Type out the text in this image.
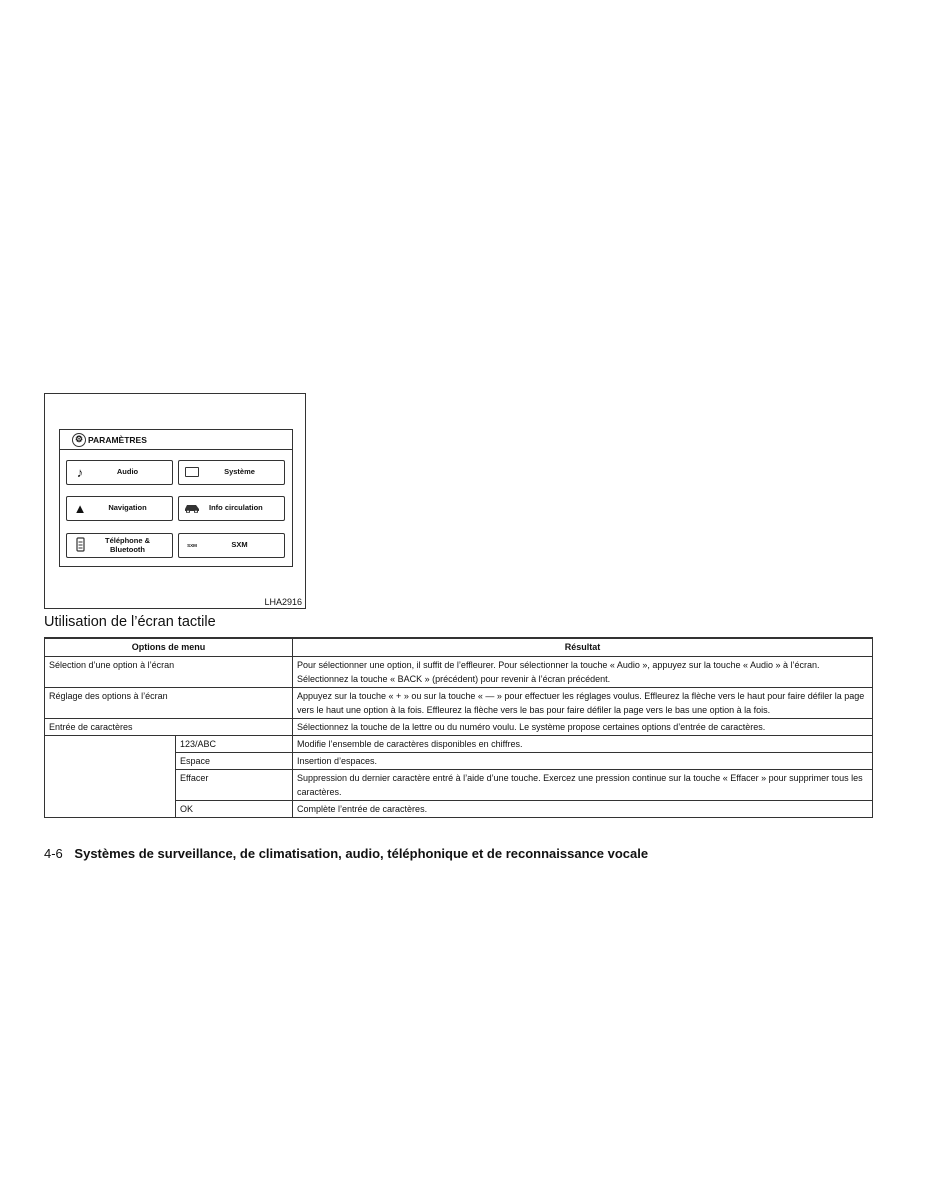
⚙ PARAMÈTRES
♪	Audio	Système
▲	Navigation	Info circulation
Téléphone & Bluetooth	SXM	SXM
LHA2916
Utilisation de l’écran tactile
Options de menu		Résultat
Sélection d’une option à l’écran		Pour sélectionner une option, il suffit de l’effleurer. Pour sélectionner la touche « Audio », appuyez sur la touche « Audio » à l’écran. Sélectionnez la touche « BACK » (précédent) pour revenir à l’écran précédent.
Réglage des options à l’écran		Appuyez sur la touche « + » ou sur la touche « — » pour effectuer les réglages voulus. Effleurez la flèche vers le haut pour faire défiler la page vers le haut une option à la fois. Effleurez la flèche vers le bas pour faire défiler la page vers le bas une option à la fois.
Entrée de caractères		Sélectionnez la touche de la lettre ou du numéro voulu. Le système propose certaines options d’entrée de caractères.
	123/ABC	Modifie l’ensemble de caractères disponibles en chiffres.
	Espace	Insertion d’espaces.
	Effacer	Suppression du dernier caractère entré à l’aide d’une touche. Exercez une pression continue sur la touche « Effacer » pour supprimer tous les caractères.
	OK	Complète l’entrée de caractères.
4-6 Systèmes de surveillance, de climatisation, audio, téléphonique et de reconnaissance vocale
